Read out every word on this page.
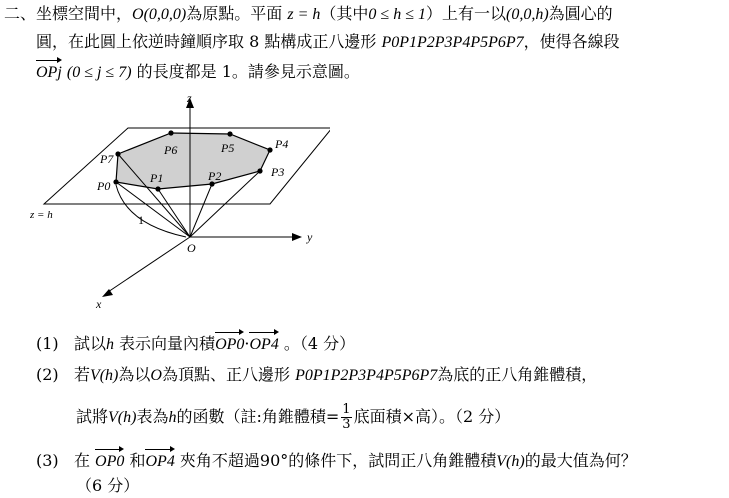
二、坐標空間中，O(0,0,0)為原點。平面 z = h（其中0 ≤ h ≤ 1）上有一以(0,0,h)為圓心的
圓，在此圓上依逆時鐘順序取 8 點構成正八邊形 P0P1P2P3P4P5P6P7，使得各線段
OPj (0 ≤ j ≤ 7) 的長度都是 1。請參見示意圖。
z
y
x
O
z = h	1
P0
P1	P2	P3
P4
P5
P6
P7
(1) 試以h 表示向量內積OP0·OP4 。（4 分）
(2) 若V(h)為以O為頂點、正八邊形 P0P1P2P3P4P5P6P7為底的正八角錐體積，
試將V(h)表為h的函數（註:角錐體積= $\frac{1}{3}$ 底面積×高）。（2 分）
(3) 在 OP0 和OP4 夾角不超過90°的條件下，試問正八角錐體積V(h)的最大值為何？
（6 分）
